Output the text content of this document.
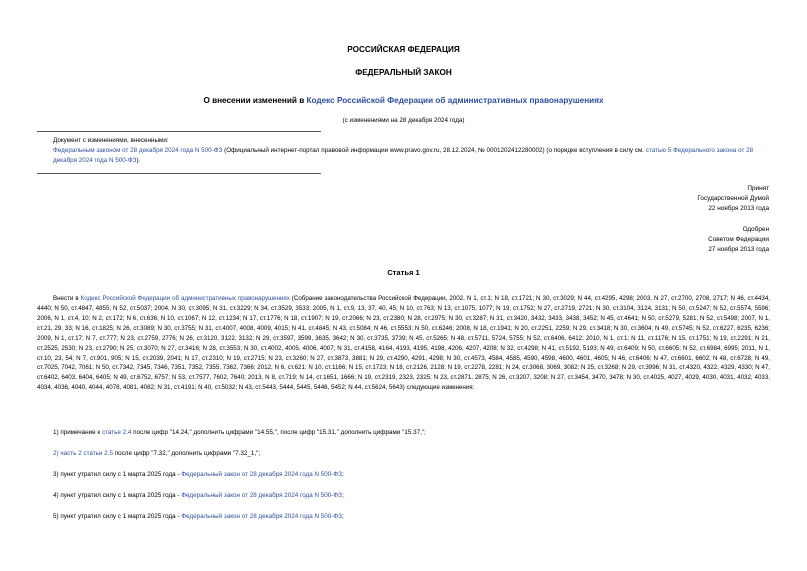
РОССИЙСКАЯ ФЕДЕРАЦИЯ
ФЕДЕРАЛЬНЫЙ ЗАКОН
О внесении изменений в Кодекс Российской Федерации об административных правонарушениях
(с изменениями на 28 декабря 2024 года)
Документ с изменениями, внесенными:
Федеральным законом от 28 декабря 2024 года N 500-ФЗ (Официальный интернет-портал правовой информации www.pravo.gov.ru, 28.12.2024, № 0001202412280002) (о порядке вступления в силу см. статью 5 Федерального закона от 28 декабря 2024 года N 500-ФЗ).
Принят
Государственной Думой
22 ноября 2013 года
Одобрен
Советом Федерации
27 ноября 2013 года
Статья 1
Внести в Кодекс Российской Федерации об административных правонарушениях (Собрание законодательства Российской Федерации, 2002, N 1, ст.1; N 18, ст.1721; N 30, ст.3029; N 44, ст.4295, 4298; 2003, N 27, ст.2700, 2708, 2717; N 46, ст.4434, 4440; N 50, ст.4847, 4855; N 52, ст.5037; 2004, N 30, ст.3095; N 31, ст.3229; N 34, ст.3529, 3533; 2005, N 1, ст.9, 13, 37, 40, 45; N 10, ст.763; N 13, ст.1075, 1077; N 19, ст.1752; N 27, ст.2719, 2721; N 30, ст.3104, 3124, 3131; N 50, ст.5247; N 52, ст.5574, 5596; 2006, N 1, ст.4, 10; N 2, ст.172; N 6, ст.636; N 10, ст.1067; N 12, ст.1234; N 17, ст.1776; N 18, ст.1907; N 19, ст.2066; N 23, ст.2380; N 28, ст.2975; N 30, ст.3287; N 31, ст.3420, 3432, 3433, 3438, 3452; N 45, ст.4641; N 50, ст.5279, 5281; N 52, ст.5498; 2007, N 1, ст.21, 29, 33; N 16, ст.1825; N 26, ст.3089; N 30, ст.3755; N 31, ст.4007, 4008, 4009, 4015; N 41, ст.4845; N 43, ст.5084; N 46, ст.5553; N 50, ст.6246; 2008, N 18, ст.1941; N 20, ст.2251, 2259; N 29, ст.3418; N 30, ст.3604; N 49, ст.5745; N 52, ст.6227, 6235, 6236; 2009, N 1, ст.17; N 7, ст.777; N 23, ст.2759, 2776; N 26, ст.3120, 3122, 3132; N 29, ст.3597, 3599, 3635, 3642; N 30, ст.3735, 3739; N 45, ст.5265; N 48, ст.5711, 5724, 5755; N 52, ст.6406, 6412; 2010, N 1, ст.1; N 11, ст.1176; N 15, ст.1751; N 19, ст.2291; N 21, ст.2525, 2530; N 23, ст.2790; N 25, ст.3070; N 27, ст.3416; N 28, ст.3553; N 30, ст.4002, 4005, 4006, 4007; N 31, ст.4158, 4164, 4193, 4195, 4198, 4206, 4207, 4208; N 32, ст.4298; N 41, ст.5192, 5193; N 49, ст.6409; N 50, ст.6605; N 52, ст.6984, 6995; 2011, N 1, ст.10, 23, 54; N 7, ст.901, 905; N 15, ст.2039, 2041; N 17, ст.2310; N 19, ст.2715; N 23, ст.3260; N 27, ст.3873, 3881; N 29, ст.4290, 4291, 4298; N 30, ст.4573, 4584, 4585, 4590, 4598, 4600, 4601, 4605; N 46, ст.6406; N 47, ст.6601, 6602; N 48, ст.6728; N 49, ст.7025, 7042, 7061; N 50, ст.7342, 7345, 7346, 7351, 7352, 7355, 7362, 7366; 2012, N 6, ст.621; N 10, ст.1166; N 15, ст.1723; N 18, ст.2126, 2128; N 19, ст.2278, 2281; N 24, ст.3068, 3069, 3082; N 25, ст.3268; N 29, ст.3996; N 31, ст.4320, 4322, 4329, 4330; N 47, ст.6402, 6403, 6404, 6405; N 49, ст.6752, 6757; N 53, ст.7577, 7602, 7640; 2013, N 8, ст.719; N 14, ст.1651, 1666; N 19, ст.2319, 2323, 2325; N 23, ст.2871, 2875; N 26, ст.3207, 3208; N 27, ст.3454, 3470, 3478; N 30, ст.4025, 4027, 4029, 4030, 4031, 4032, 4033, 4034, 4036, 4040, 4044, 4078, 4081, 4082; N 31, ст.4191; N 40, ст.5032; N 43, ст.5443, 5444, 5445, 5446, 5452; N 44, ст.5624, 5643) следующие изменения:
1) примечание к статье 2.4 после цифр "14.24," дополнить цифрами "14.55,", после цифр "15.31," дополнить цифрами "15.37,";
2) часть 2 статьи 2.5 после цифр "7.32," дополнить цифрами "7.32_1,";
3) пункт утратил силу с 1 марта 2025 года - Федеральный закон от 28 декабря 2024 года N 500-ФЗ;
4) пункт утратил силу с 1 марта 2025 года - Федеральный закон от 28 декабря 2024 года N 500-ФЗ;
5) пункт утратил силу с 1 марта 2025 года - Федеральный закон от 28 декабря 2024 года N 500-ФЗ;
